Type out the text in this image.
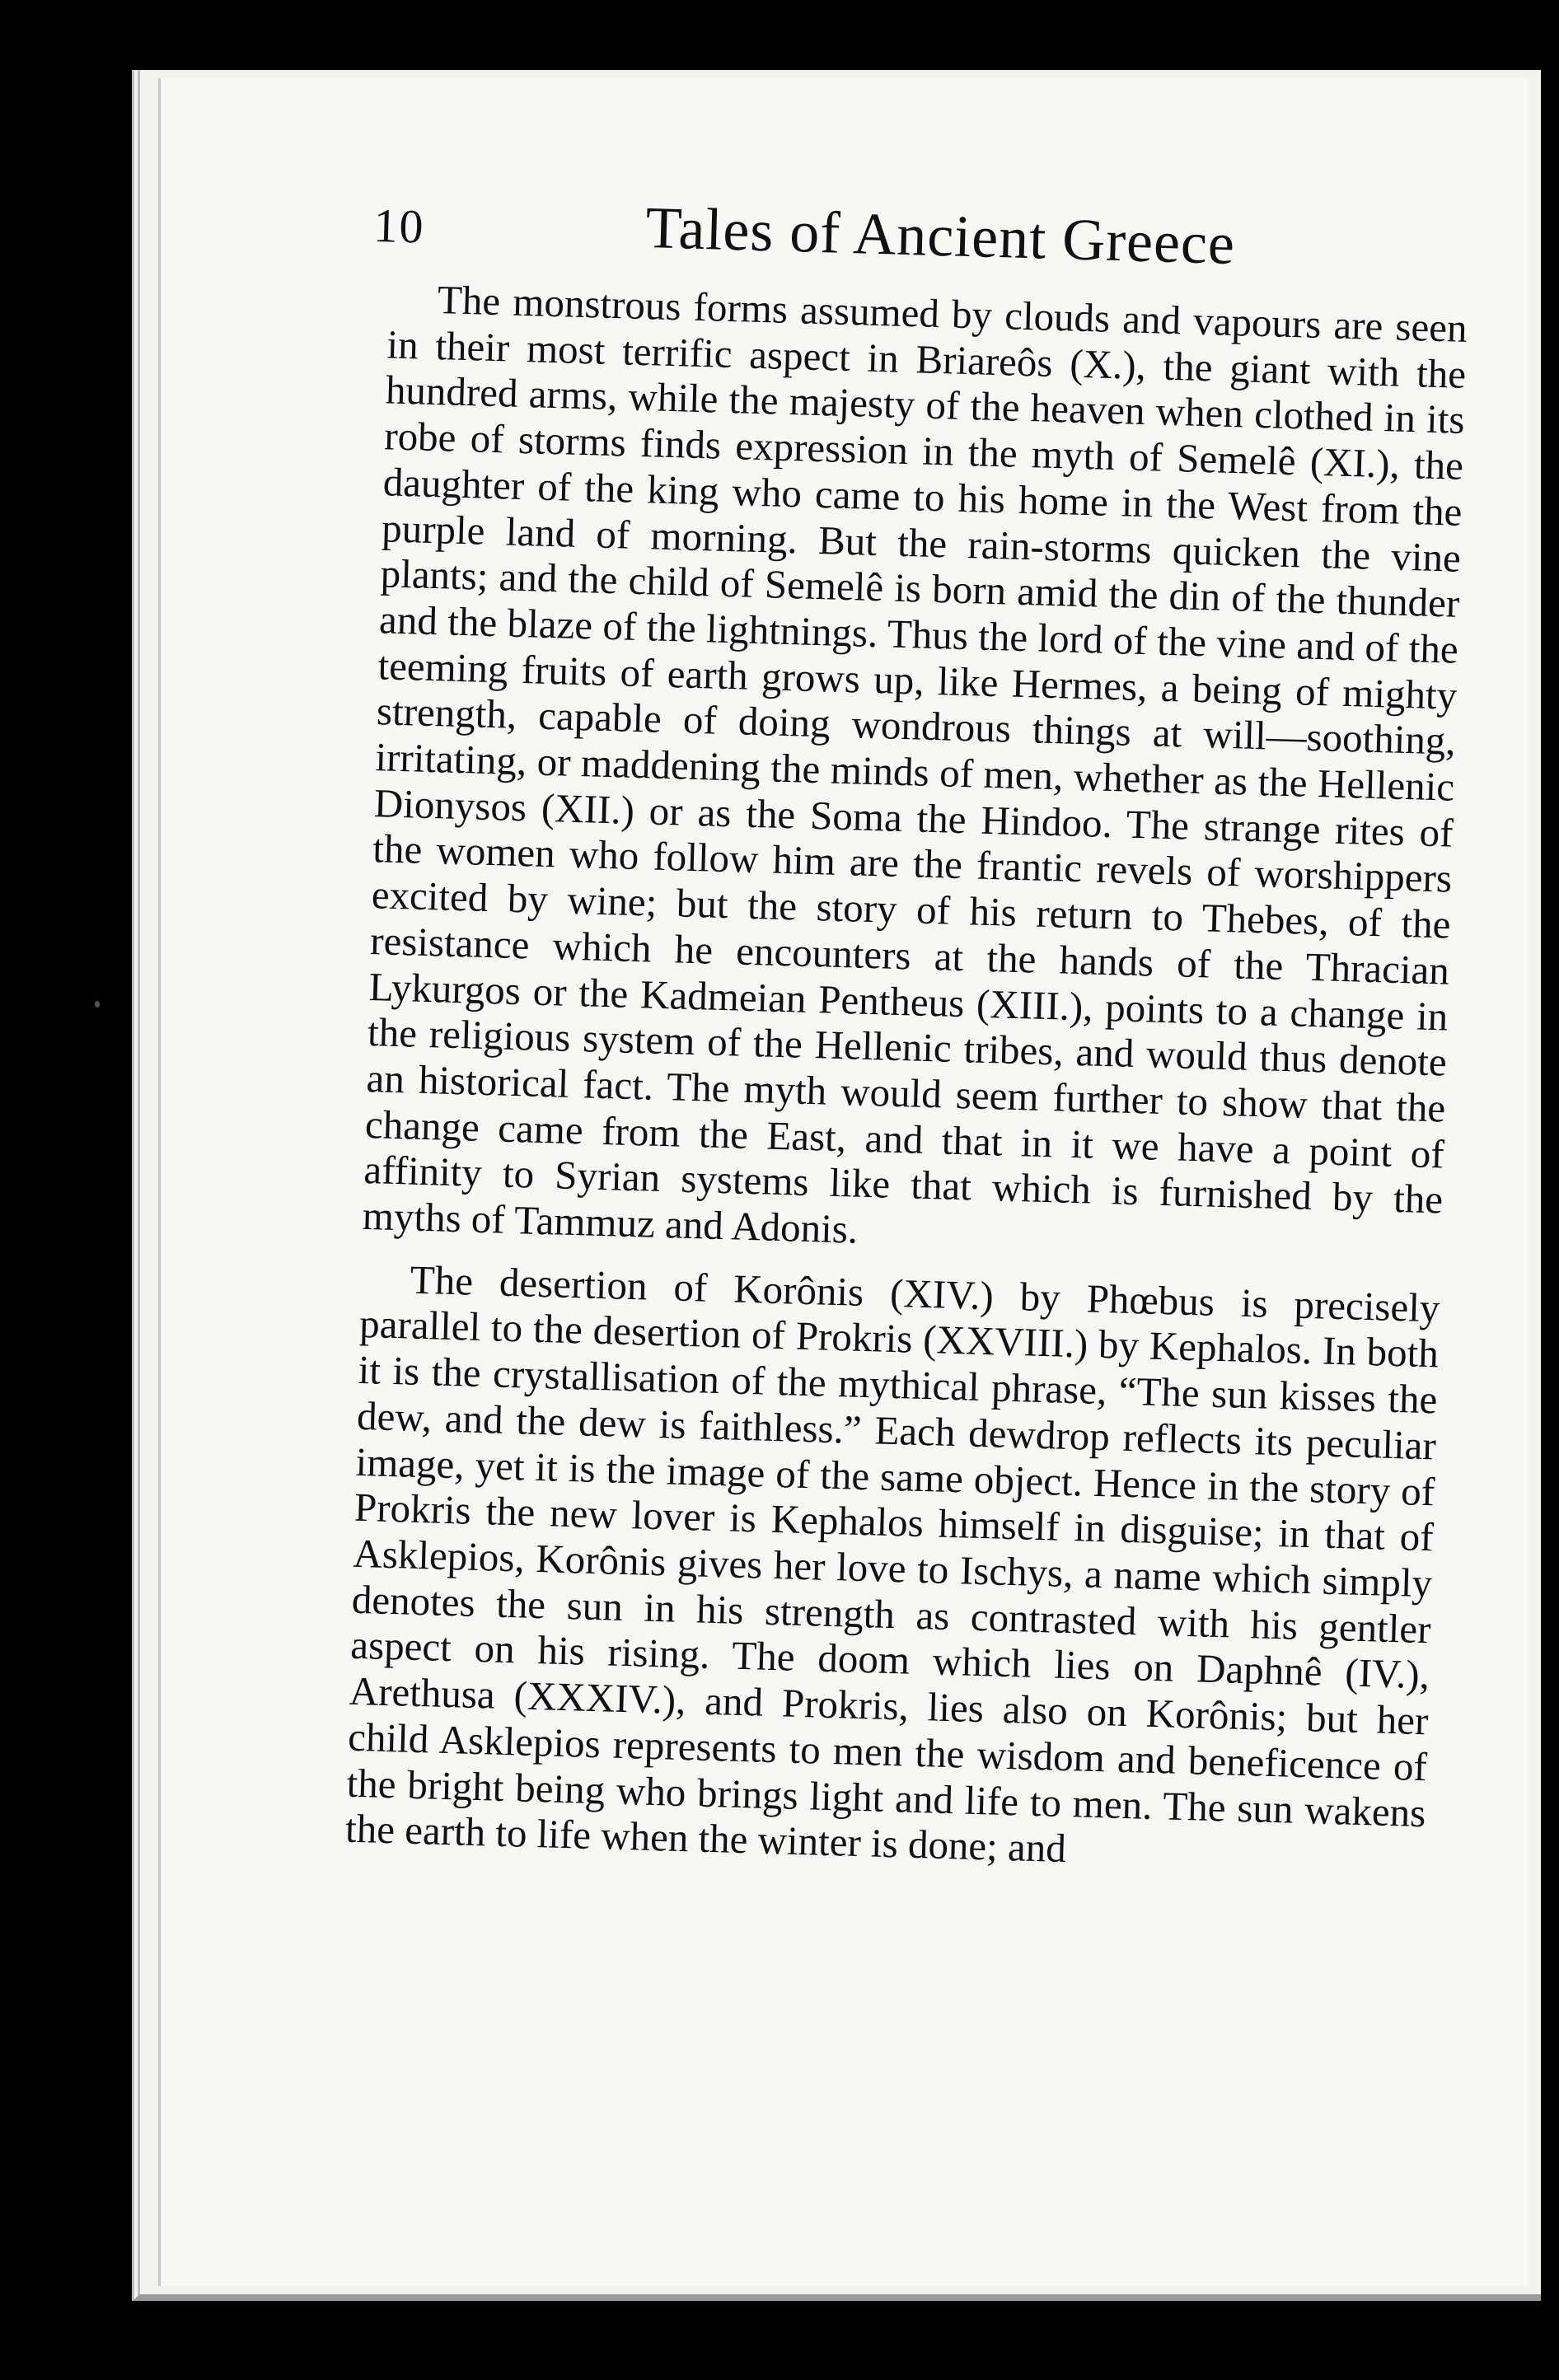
10	Tales of Ancient Greece

The monstrous forms assumed by clouds and vapours are seen in their most terrific aspect in Briareôs (X.), the giant with the hundred arms, while the majesty of the heaven when clothed in its robe of storms finds expression in the myth of Semelê (XI.), the daughter of the king who came to his home in the West from the purple land of morning. But the rain-storms quicken the vine plants; and the child of Semelê is born amid the din of the thunder and the blaze of the lightnings. Thus the lord of the vine and of the teeming fruits of earth grows up, like Hermes, a being of mighty strength, capable of doing wondrous things at will—soothing, irritating, or maddening the minds of men, whether as the Hellenic Dionysos (XII.) or as the Soma the Hindoo. The strange rites of the women who follow him are the frantic revels of worshippers excited by wine; but the story of his return to Thebes, of the resistance which he encounters at the hands of the Thracian Lykurgos or the Kadmeian Pentheus (XIII.), points to a change in the religious system of the Hellenic tribes, and would thus denote an historical fact. The myth would seem further to show that the change came from the East, and that in it we have a point of affinity to Syrian systems like that which is furnished by the myths of Tammuz and Adonis.

The desertion of Korônis (XIV.) by Phœbus is precisely parallel to the desertion of Prokris (XXVIII.) by Kephalos. In both it is the crystallisation of the mythical phrase, “The sun kisses the dew, and the dew is faithless.” Each dewdrop reflects its peculiar image, yet it is the image of the same object. Hence in the story of Prokris the new lover is Kephalos himself in disguise; in that of Asklepios, Korônis gives her love to Ischys, a name which simply denotes the sun in his strength as contrasted with his gentler aspect on his rising. The doom which lies on Daphnê (IV.), Arethusa (XXXIV.), and Prokris, lies also on Korônis; but her child Asklepios represents to men the wisdom and beneficence of the bright being who brings light and life to men. The sun wakens the earth to life when the winter is done; and
